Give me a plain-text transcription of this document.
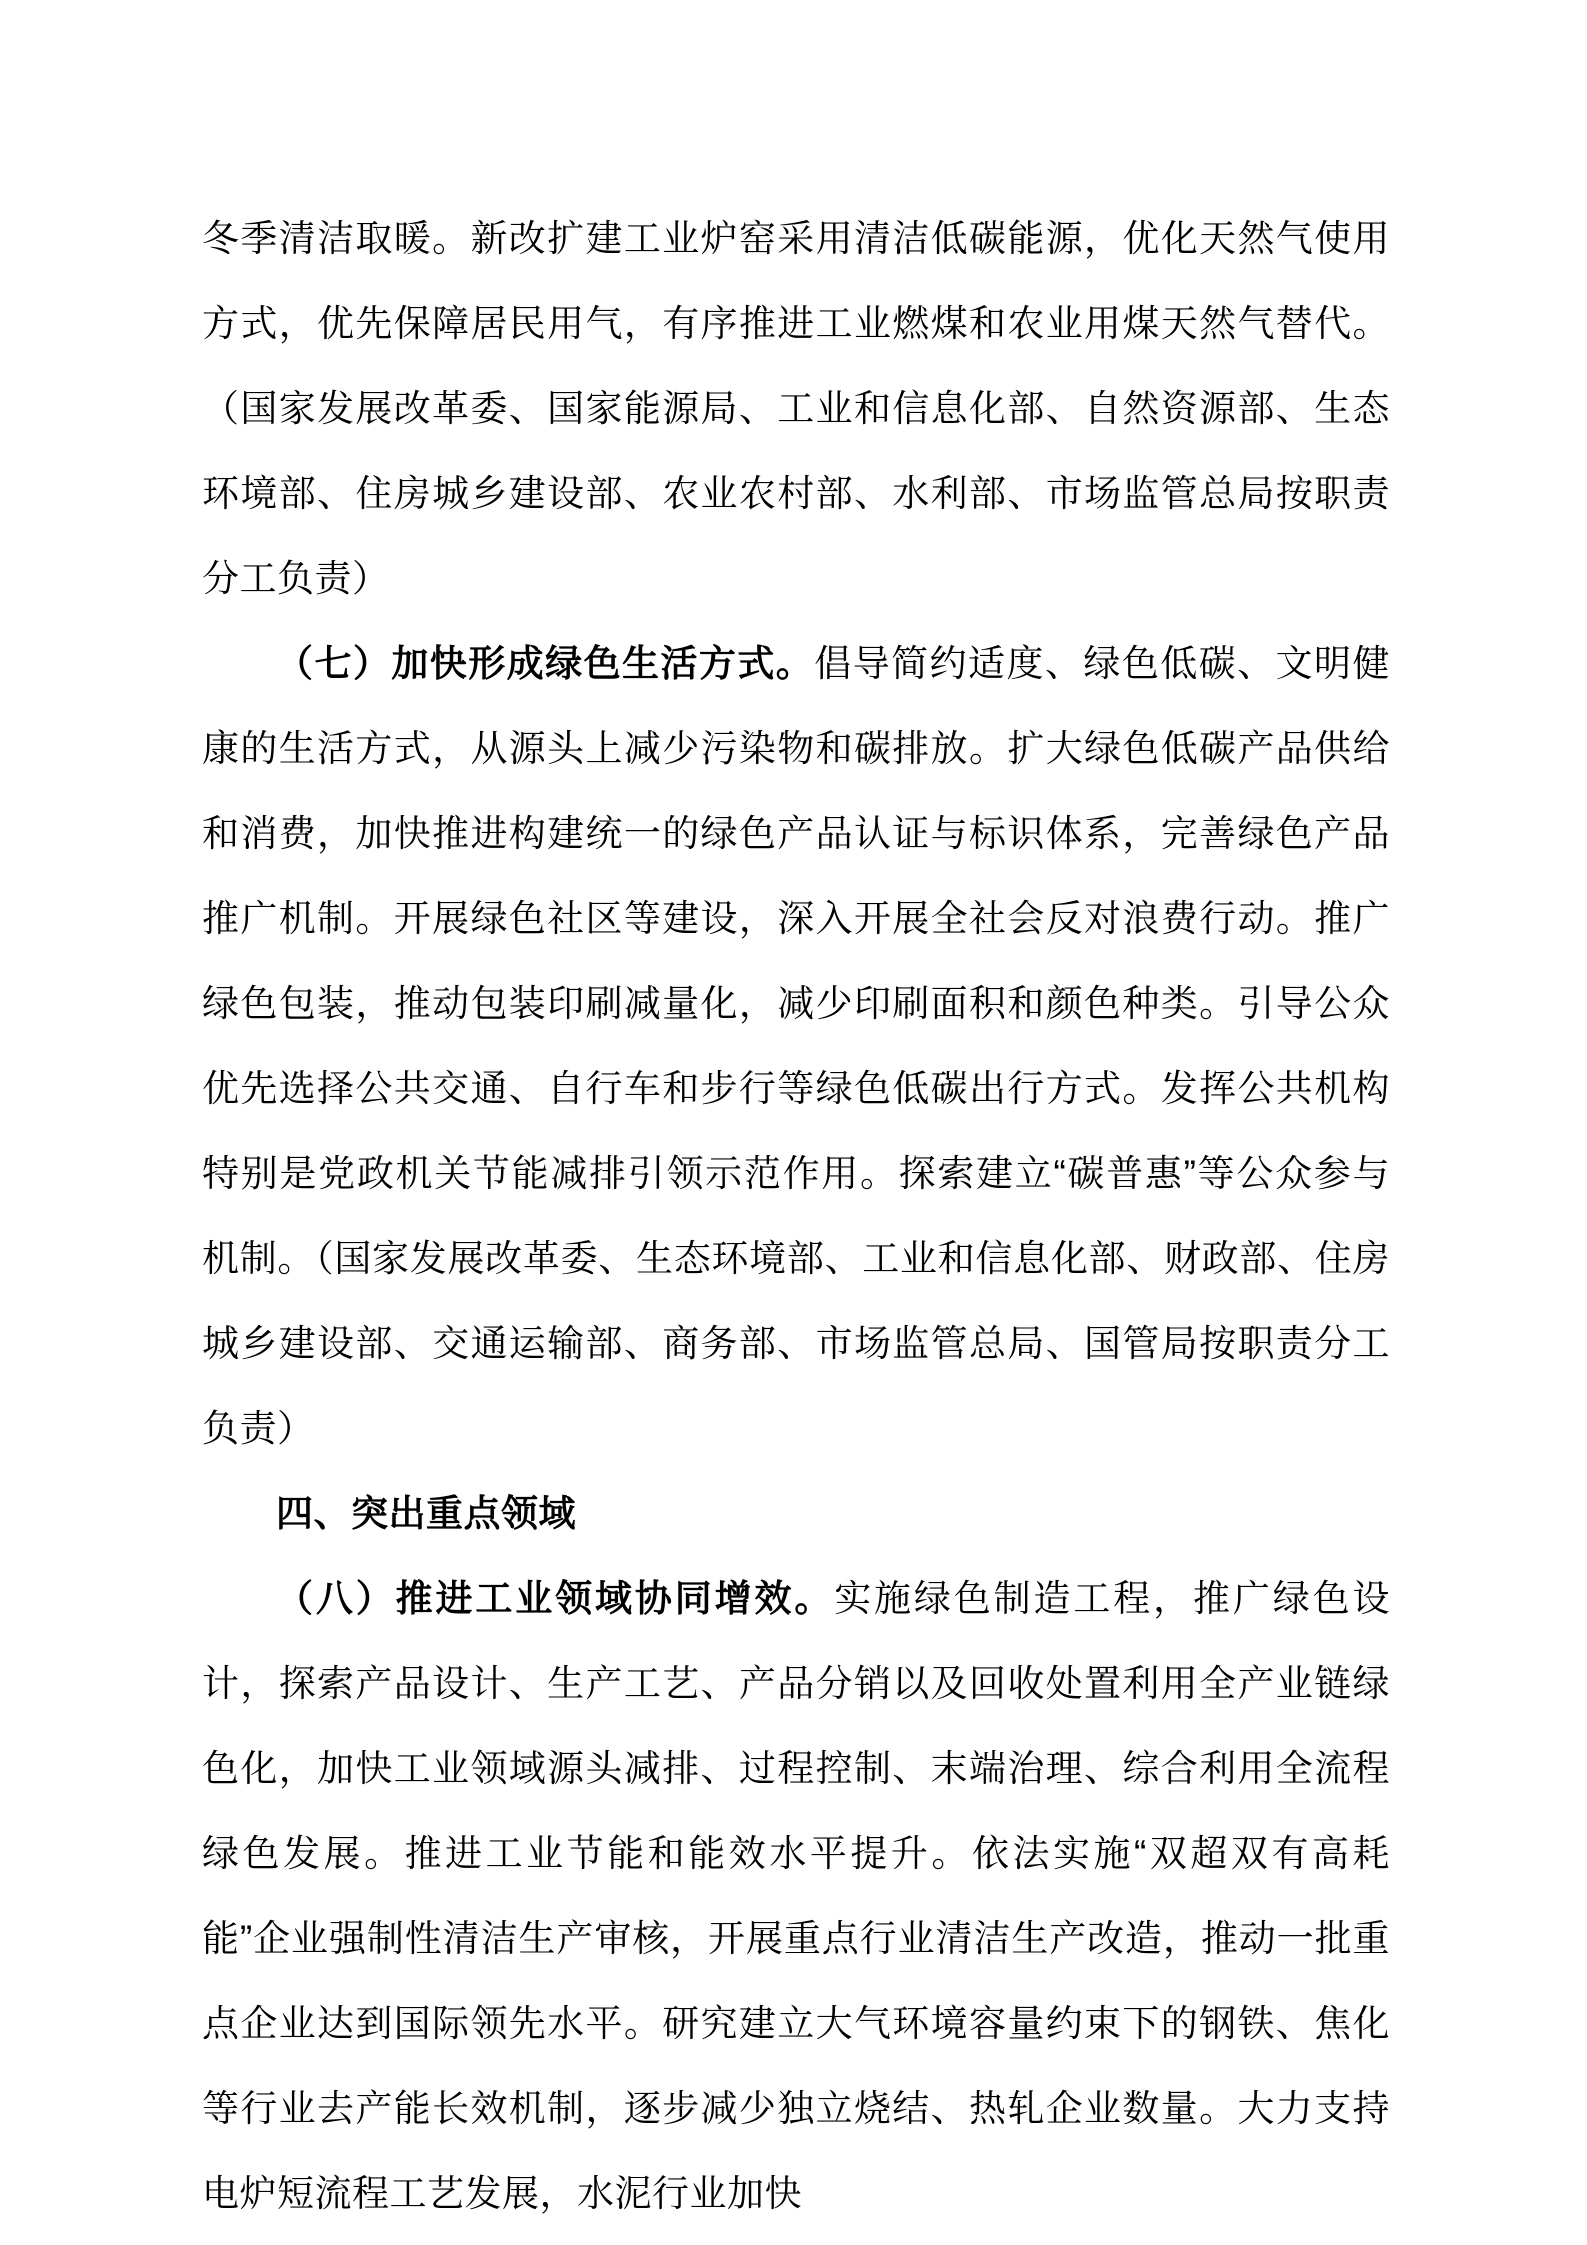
冬季清洁取暖。新改扩建工业炉窑采用清洁低碳能源，优化天然气使用方式，优先保障居民用气，有序推进工业燃煤和农业用煤天然气替代。（国家发展改革委、国家能源局、工业和信息化部、自然资源部、生态环境部、住房城乡建设部、农业农村部、水利部、市场监管总局按职责分工负责）

（七）加快形成绿色生活方式。倡导简约适度、绿色低碳、文明健康的生活方式，从源头上减少污染物和碳排放。扩大绿色低碳产品供给和消费，加快推进构建统一的绿色产品认证与标识体系，完善绿色产品推广机制。开展绿色社区等建设，深入开展全社会反对浪费行动。推广绿色包装，推动包装印刷减量化，减少印刷面积和颜色种类。引导公众优先选择公共交通、自行车和步行等绿色低碳出行方式。发挥公共机构特别是党政机关节能减排引领示范作用。探索建立“碳普惠”等公众参与机制。（国家发展改革委、生态环境部、工业和信息化部、财政部、住房城乡建设部、交通运输部、商务部、市场监管总局、国管局按职责分工负责）

四、突出重点领域

（八）推进工业领域协同增效。实施绿色制造工程，推广绿色设计，探索产品设计、生产工艺、产品分销以及回收处置利用全产业链绿色化，加快工业领域源头减排、过程控制、末端治理、综合利用全流程绿色发展。推进工业节能和能效水平提升。依法实施“双超双有高耗能”企业强制性清洁生产审核，开展重点行业清洁生产改造，推动一批重点企业达到国际领先水平。研究建立大气环境容量约束下的钢铁、焦化等行业去产能长效机制，逐步减少独立烧结、热轧企业数量。大力支持电炉短流程工艺发展，水泥行业加快
